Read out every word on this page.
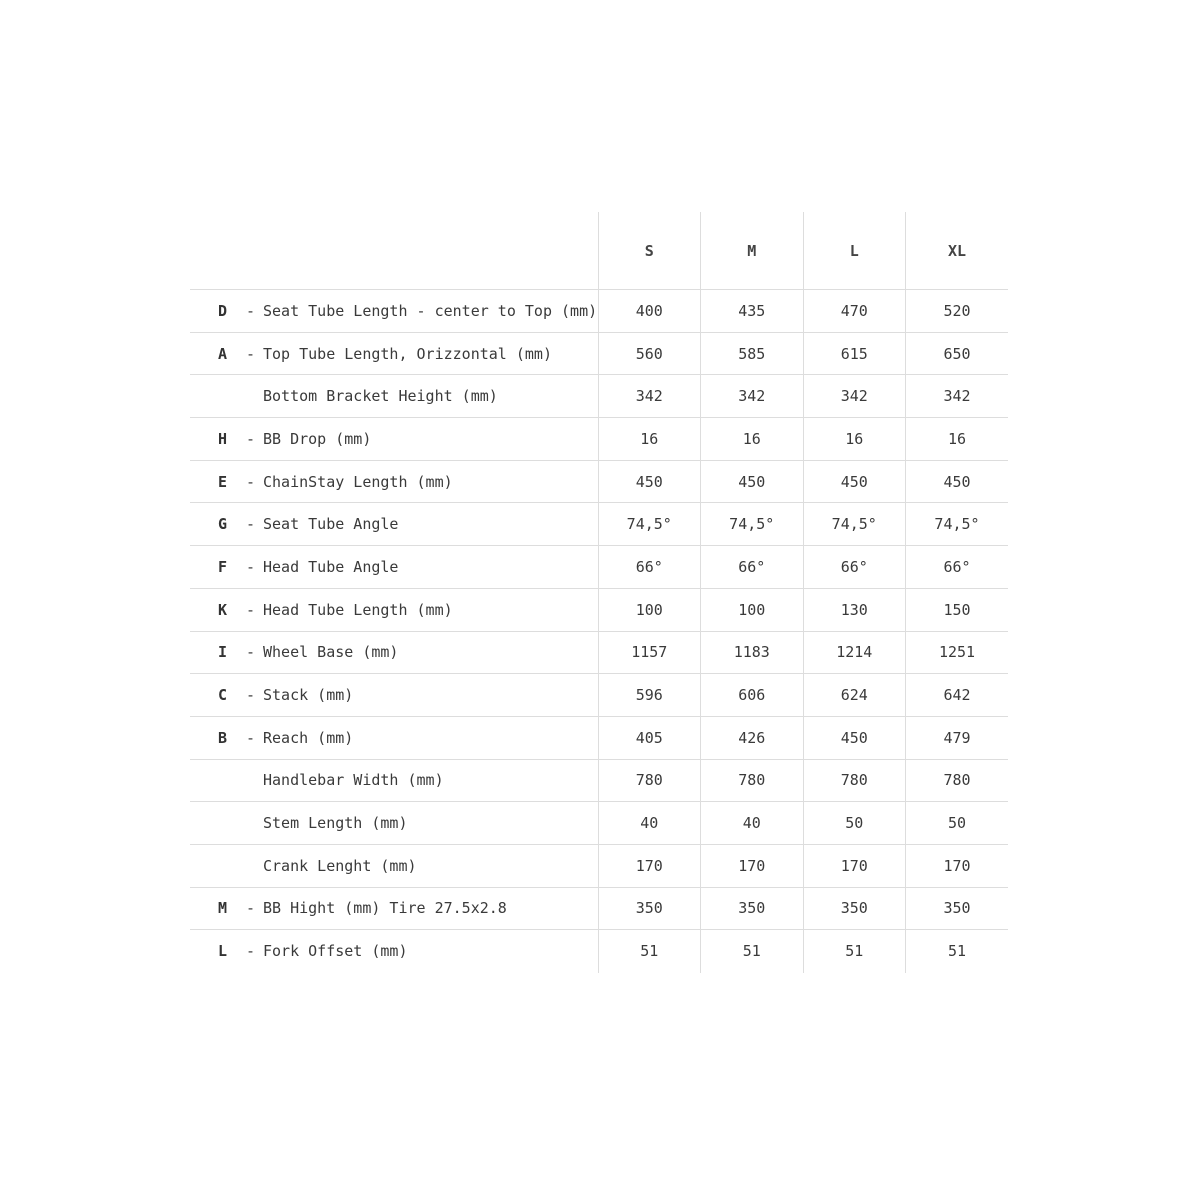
	S	M	L	XL
D - Seat Tube Length - center to Top (mm)	400	435	470	520
A - Top Tube Length, Orizzontal (mm)	560	585	615	650
Bottom Bracket Height (mm)	342	342	342	342
H - BB Drop (mm)	16	16	16	16
E - ChainStay Length (mm)	450	450	450	450
G - Seat Tube Angle	74,5°	74,5°	74,5°	74,5°
F - Head Tube Angle	66°	66°	66°	66°
K - Head Tube Length (mm)	100	100	130	150
I - Wheel Base (mm)	1157	1183	1214	1251
C - Stack (mm)	596	606	624	642
B - Reach (mm)	405	426	450	479
Handlebar Width (mm)	780	780	780	780
Stem Length (mm)	40	40	50	50
Crank Lenght (mm)	170	170	170	170
M - BB Hight (mm) Tire 27.5x2.8	350	350	350	350
L - Fork Offset (mm)	51	51	51	51
